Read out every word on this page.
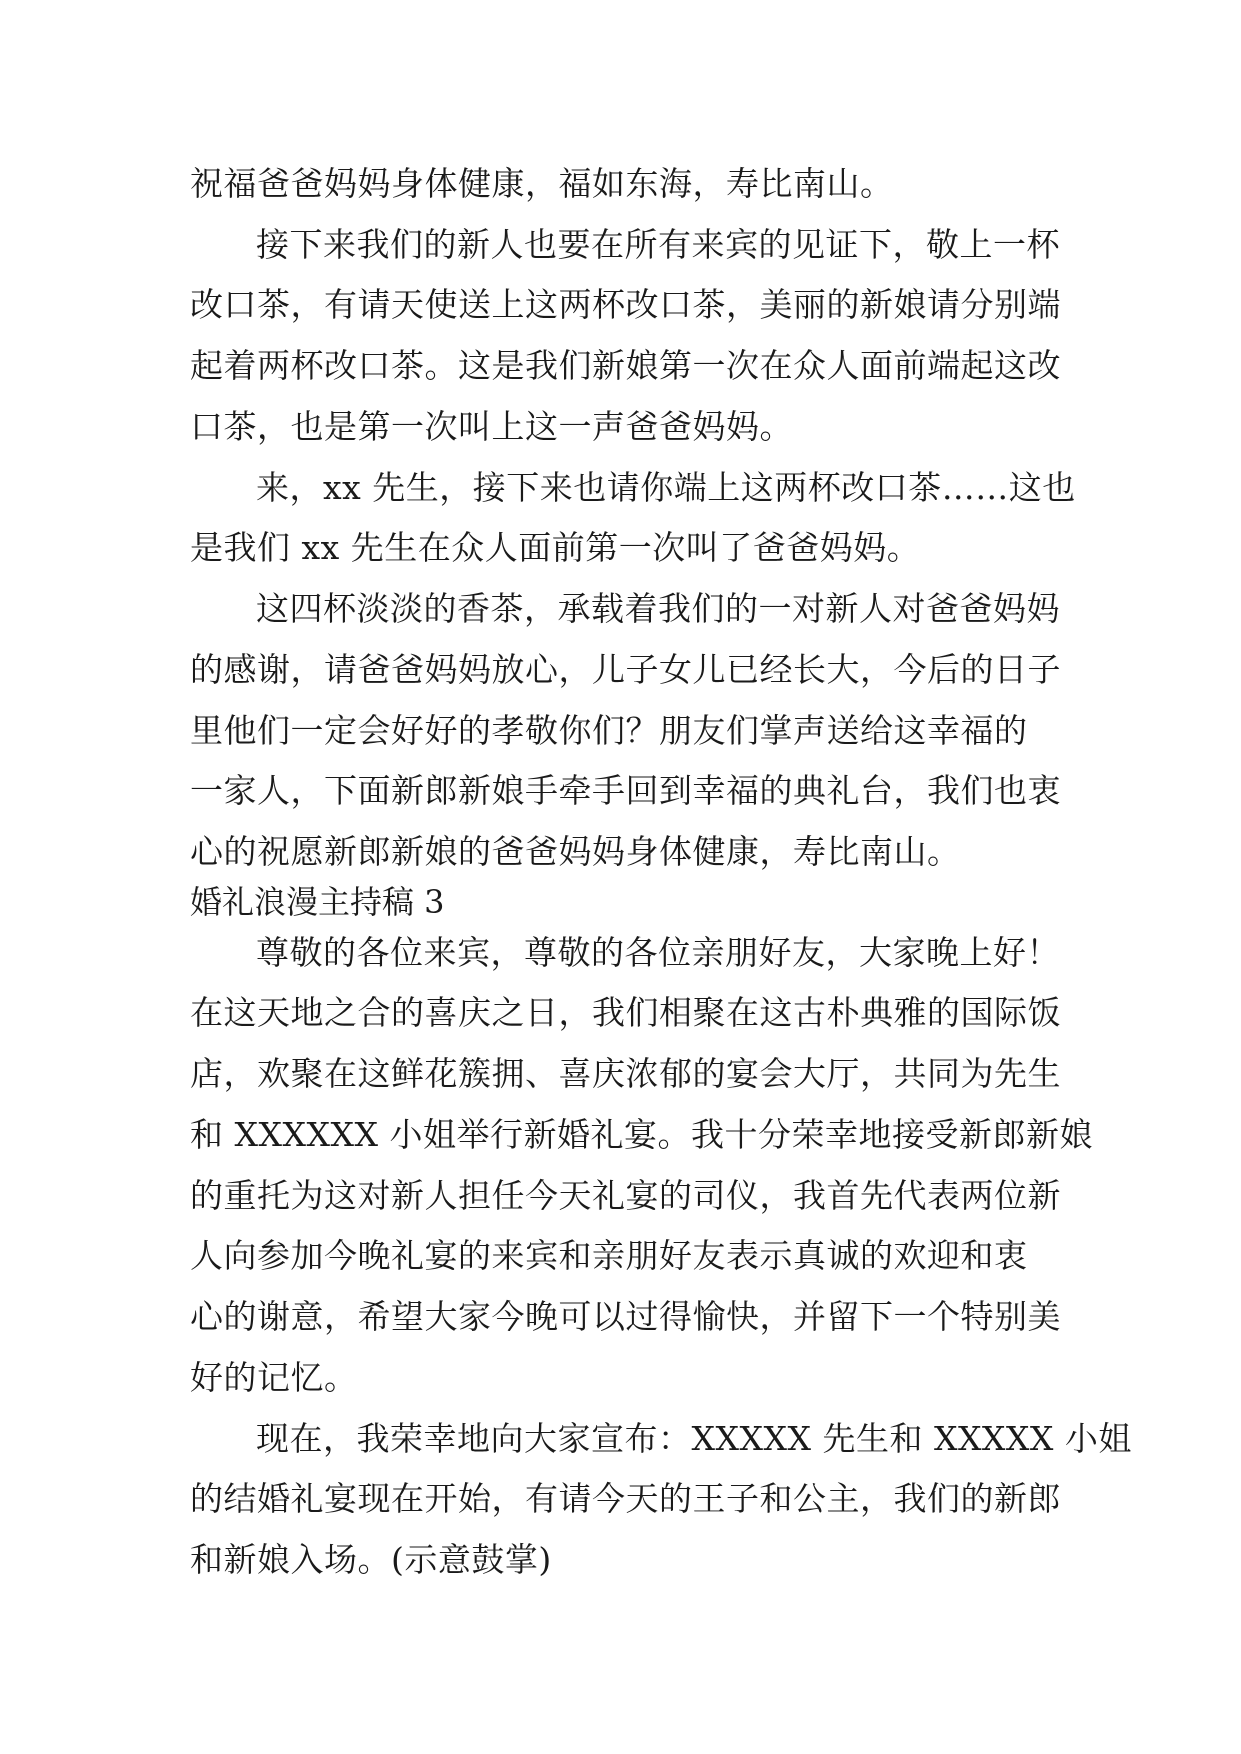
祝福爸爸妈妈身体健康，福如东海，寿比南山。
接下来我们的新人也要在所有来宾的见证下，敬上一杯
改口茶，有请天使送上这两杯改口茶，美丽的新娘请分别端
起着两杯改口茶。这是我们新娘第一次在众人面前端起这改
口茶，也是第一次叫上这一声爸爸妈妈。
来，xx 先生，接下来也请你端上这两杯改口茶……这也
是我们 xx 先生在众人面前第一次叫了爸爸妈妈。
这四杯淡淡的香茶，承载着我们的一对新人对爸爸妈妈
的感谢，请爸爸妈妈放心，儿子女儿已经长大，今后的日子
里他们一定会好好的孝敬你们？朋友们掌声送给这幸福的
一家人，下面新郎新娘手牵手回到幸福的典礼台，我们也衷
心的祝愿新郎新娘的爸爸妈妈身体健康，寿比南山。
婚礼浪漫主持稿 3
尊敬的各位来宾，尊敬的各位亲朋好友，大家晚上好！
在这天地之合的喜庆之日，我们相聚在这古朴典雅的国际饭
店，欢聚在这鲜花簇拥、喜庆浓郁的宴会大厅，共同为先生
和 XXXXXX 小姐举行新婚礼宴。我十分荣幸地接受新郎新娘
的重托为这对新人担任今天礼宴的司仪，我首先代表两位新
人向参加今晚礼宴的来宾和亲朋好友表示真诚的欢迎和衷
心的谢意，希望大家今晚可以过得愉快，并留下一个特别美
好的记忆。
现在，我荣幸地向大家宣布：XXXXX 先生和 XXXXX 小姐
的结婚礼宴现在开始，有请今天的王子和公主，我们的新郎
和新娘入场。(示意鼓掌)
